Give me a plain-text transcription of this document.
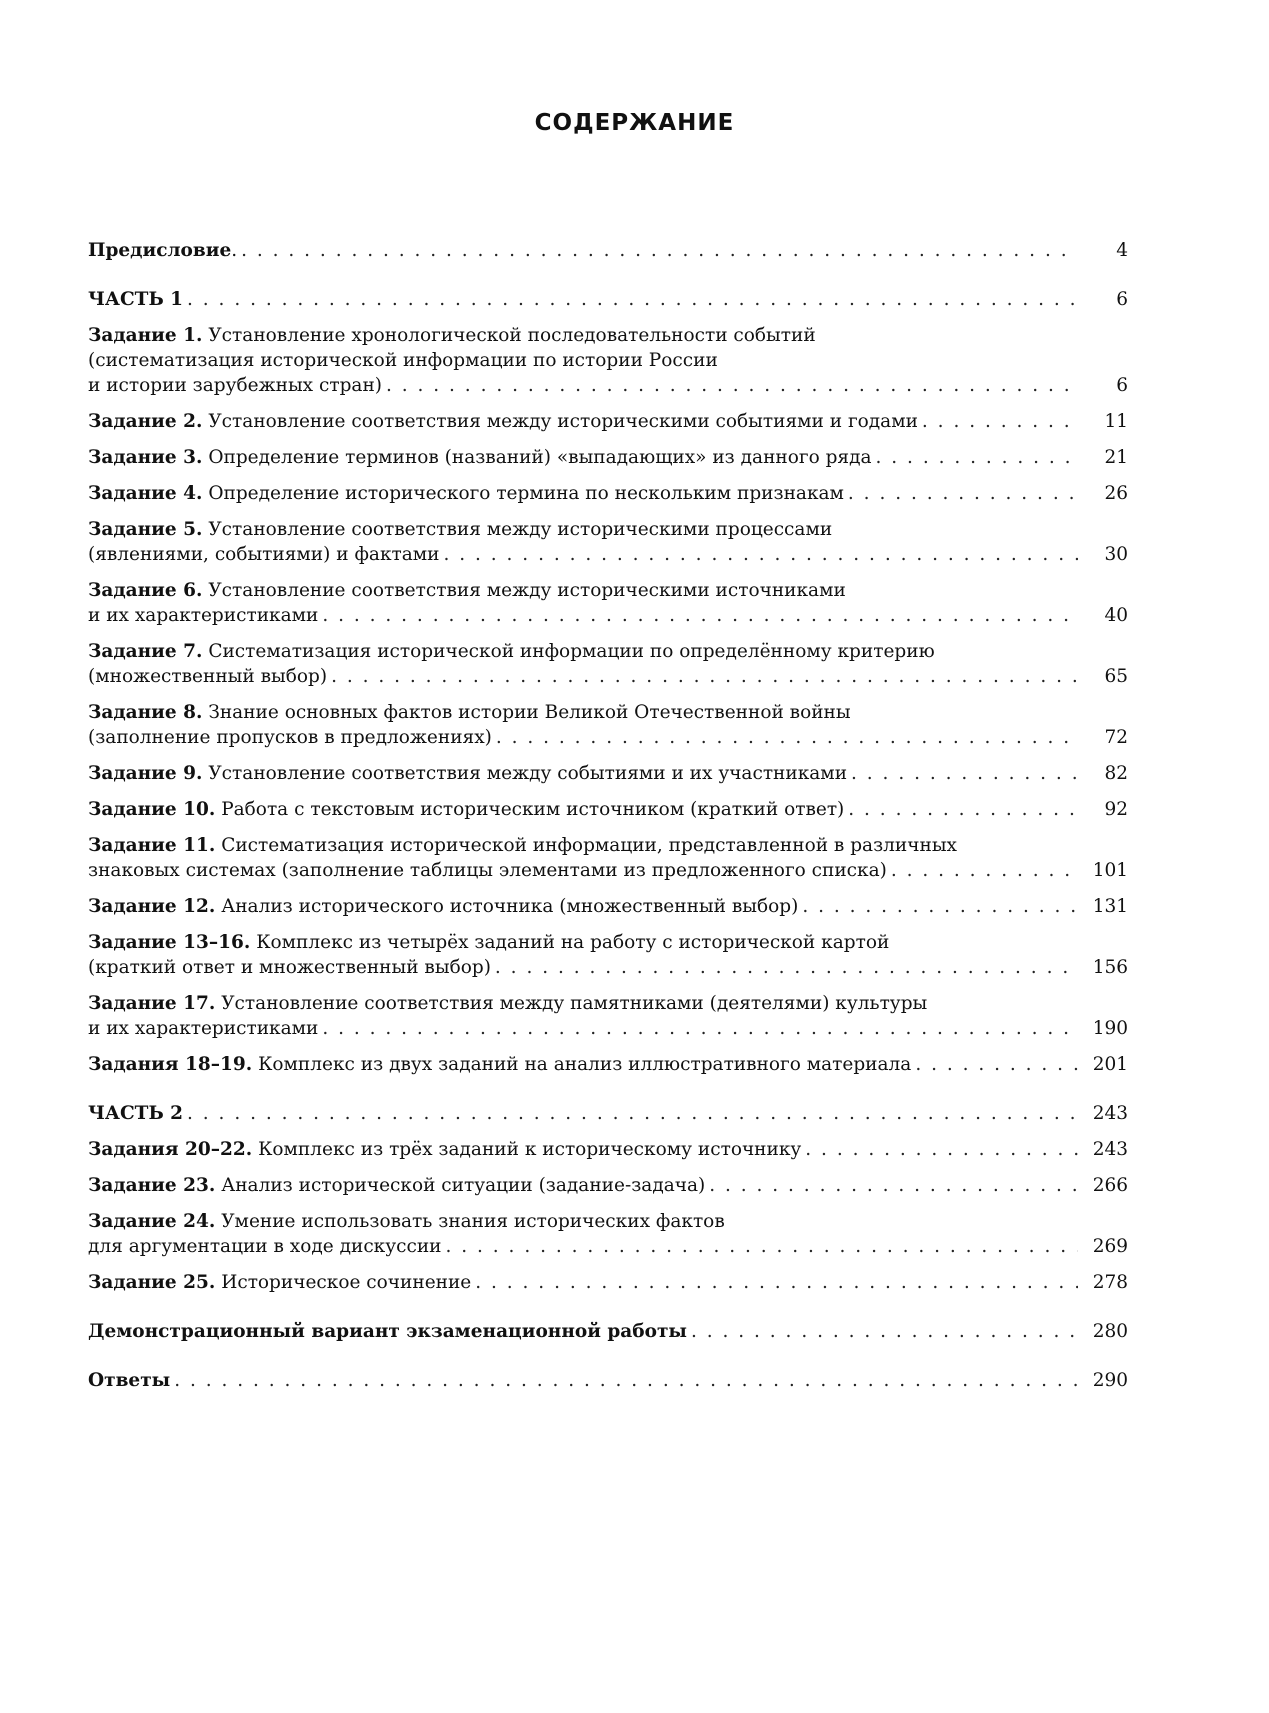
СОДЕРЖАНИЕ
Предисловие. . . .	4
ЧАСТЬ 1 . . .	6
Задание 1. Установление хронологической последовательности событий
(систематизация исторической информации по истории России
и истории зарубежных стран) . . .	6
Задание 2. Установление соответствия между историческими событиями и годами . . .	11
Задание 3. Определение терминов (названий) «выпадающих» из данного ряда . . .	21
Задание 4. Определение исторического термина по нескольким признакам . . .	26
Задание 5. Установление соответствия между историческими процессами
(явлениями, событиями) и фактами . . .	30
Задание 6. Установление соответствия между историческими источниками
и их характеристиками . . .	40
Задание 7. Систематизация исторической информации по определённому критерию
(множественный выбор) . . .	65
Задание 8. Знание основных фактов истории Великой Отечественной войны
(заполнение пропусков в предложениях) . . .	72
Задание 9. Установление соответствия между событиями и их участниками . . .	82
Задание 10. Работа с текстовым историческим источником (краткий ответ) . . .	92
Задание 11. Систематизация исторической информации, представленной в различных
знаковых системах (заполнение таблицы элементами из предложенного списка) . . .	101
Задание 12. Анализ исторического источника (множественный выбор) . . .	131
Задание 13–16. Комплекс из четырёх заданий на работу с исторической картой
(краткий ответ и множественный выбор) . . .	156
Задание 17. Установление соответствия между памятниками (деятелями) культуры
и их характеристиками . . .	190
Задания 18–19. Комплекс из двух заданий на анализ иллюстративного материала . . .	201
ЧАСТЬ 2 . . .	243
Задания 20–22. Комплекс из трёх заданий к историческому источнику . . .	243
Задание 23. Анализ исторической ситуации (задание-задача) . . .	266
Задание 24. Умение использовать знания исторических фактов
для аргументации в ходе дискуссии . . .	269
Задание 25. Историческое сочинение . . .	278
Демонстрационный вариант экзаменационной работы . . .	280
Ответы . . .	290
